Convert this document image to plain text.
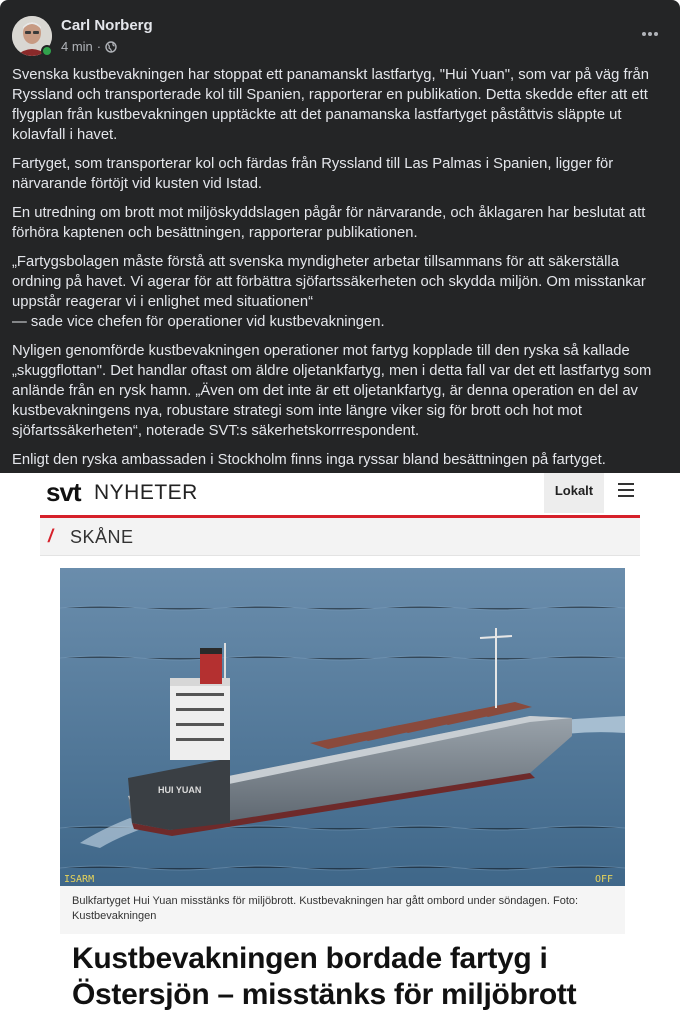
Carl Norberg
4 min ·

Svenska kustbevakningen har stoppat ett panamanskt lastfartyg, "Hui Yuan", som var på väg från Ryssland och transporterade kol till Spanien, rapporterar en publikation. Detta skedde efter att ett flygplan från kustbevakningen upptäckte att det panamanska lastfartyget påståttvis släppte ut kolavfall i havet.

Fartyget, som transporterar kol och färdas från Ryssland till Las Palmas i Spanien, ligger för närvarande förtöjt vid kusten vid Istad.

En utredning om brott mot miljöskyddslagen pågår för närvarande, och åklagaren har beslutat att förhöra kaptenen och besättningen, rapporterar publikationen.

„Fartygsbolagen måste förstå att svenska myndigheter arbetar tillsammans för att säkerställa ordning på havet. Vi agerar för att förbättra sjöfartssäkerheten och skydda miljön. Om misstankar uppstår reagerar vi i enlighet med situationen“
— sade vice chefen för operationer vid kustbevakningen.

Nyligen genomförde kustbevakningen operationer mot fartyg kopplade till den ryska så kallade „skuggflottan". Det handlar oftast om äldre oljetankfartyg, men i detta fall var det ett lastfartyg som anlände från en rysk hamn. „Även om det inte är ett oljetankfartyg, är denna operation en del av kustbevakningens nya, robustare strategi som inte längre viker sig för brott och hot mot sjöfartssäkerheten“, noterade SVT:s säkerhetskorrrespondent.

Enligt den ryska ambassaden i Stockholm finns inga ryssar bland besättningen på fartyget.

svt NYHETER	Lokalt
/ SKÅNE
HUI YUAN
ISARM	OFF
Bulkfartyget Hui Yuan misstänks för miljöbrott. Kustbevakningen har gått ombord under söndagen. Foto: Kustbevakningen
Kustbevakningen bordade fartyg i
Östersjön – misstänks för miljöbrott
